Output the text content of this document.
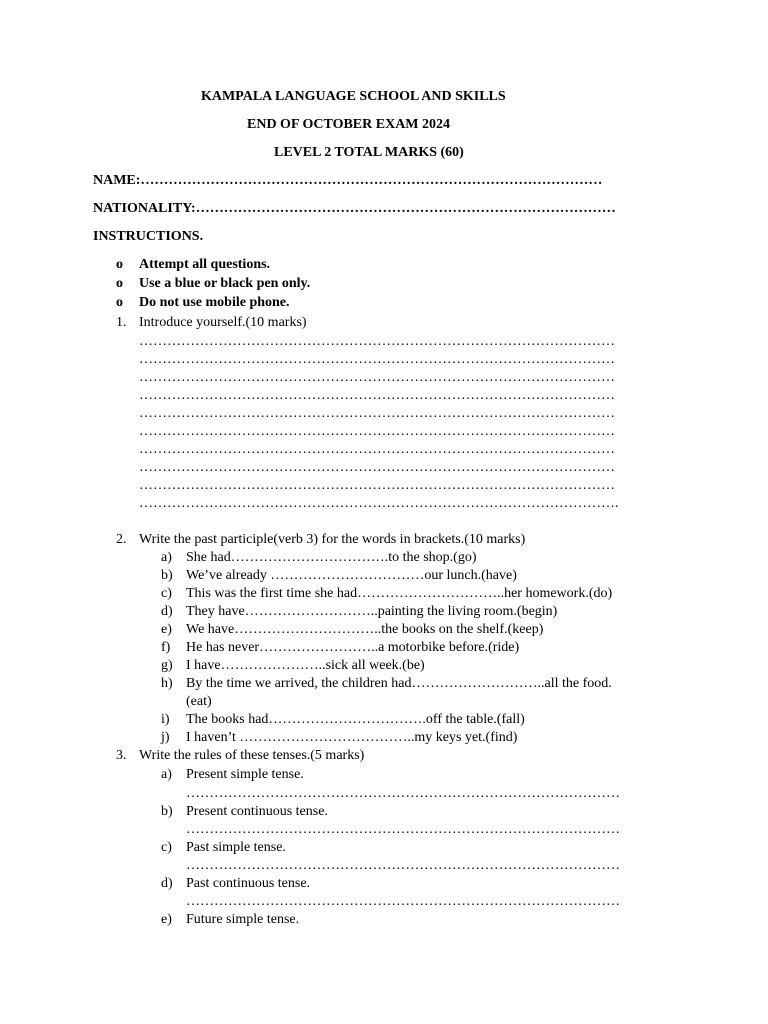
KAMPALA LANGUAGE SCHOOL AND SKILLS
END OF OCTOBER EXAM 2024
LEVEL 2 TOTAL MARKS (60)
NAME:………………………………………………………………………………………
NATIONALITY:………………………………………………………………………………
INSTRUCTIONS.
o Attempt all questions.
o Use a blue or black pen only.
o Do not use mobile phone.
1. Introduce yourself.(10 marks)
…………………………………………………………………………………………
…………………………………………………………………………………………
…………………………………………………………………………………………
…………………………………………………………………………………………
…………………………………………………………………………………………
…………………………………………………………………………………………
…………………………………………………………………………………………
…………………………………………………………………………………………
…………………………………………………………………………………………
………………………………………………………………………………………….
2. Write the past participle(verb 3) for the words in brackets.(10 marks)
a) She had…………………………….to the shop.(go)
b) We’ve already ……………………………our lunch.(have)
c) This was the first time she had…………………………..her homework.(do)
d) They have………………………..painting the living room.(begin)
e) We have…………………………..the books on the shelf.(keep)
f) He has never……………………..a motorbike before.(ride)
g) I have…………………..sick all week.(be)
h) By the time we arrived, the children had………………………..all the food.
(eat)
i) The books had…………………………….off the table.(fall)
j) I haven’t ………………………………..my keys yet.(find)
3. Write the rules of these tenses.(5 marks)
a) Present simple tense.
…………………………………………………………………………………
b) Present continuous tense.
…………………………………………………………………………………
c) Past simple tense.
…………………………………………………………………………………
d) Past continuous tense.
…………………………………………………………………………………
e) Future simple tense.
